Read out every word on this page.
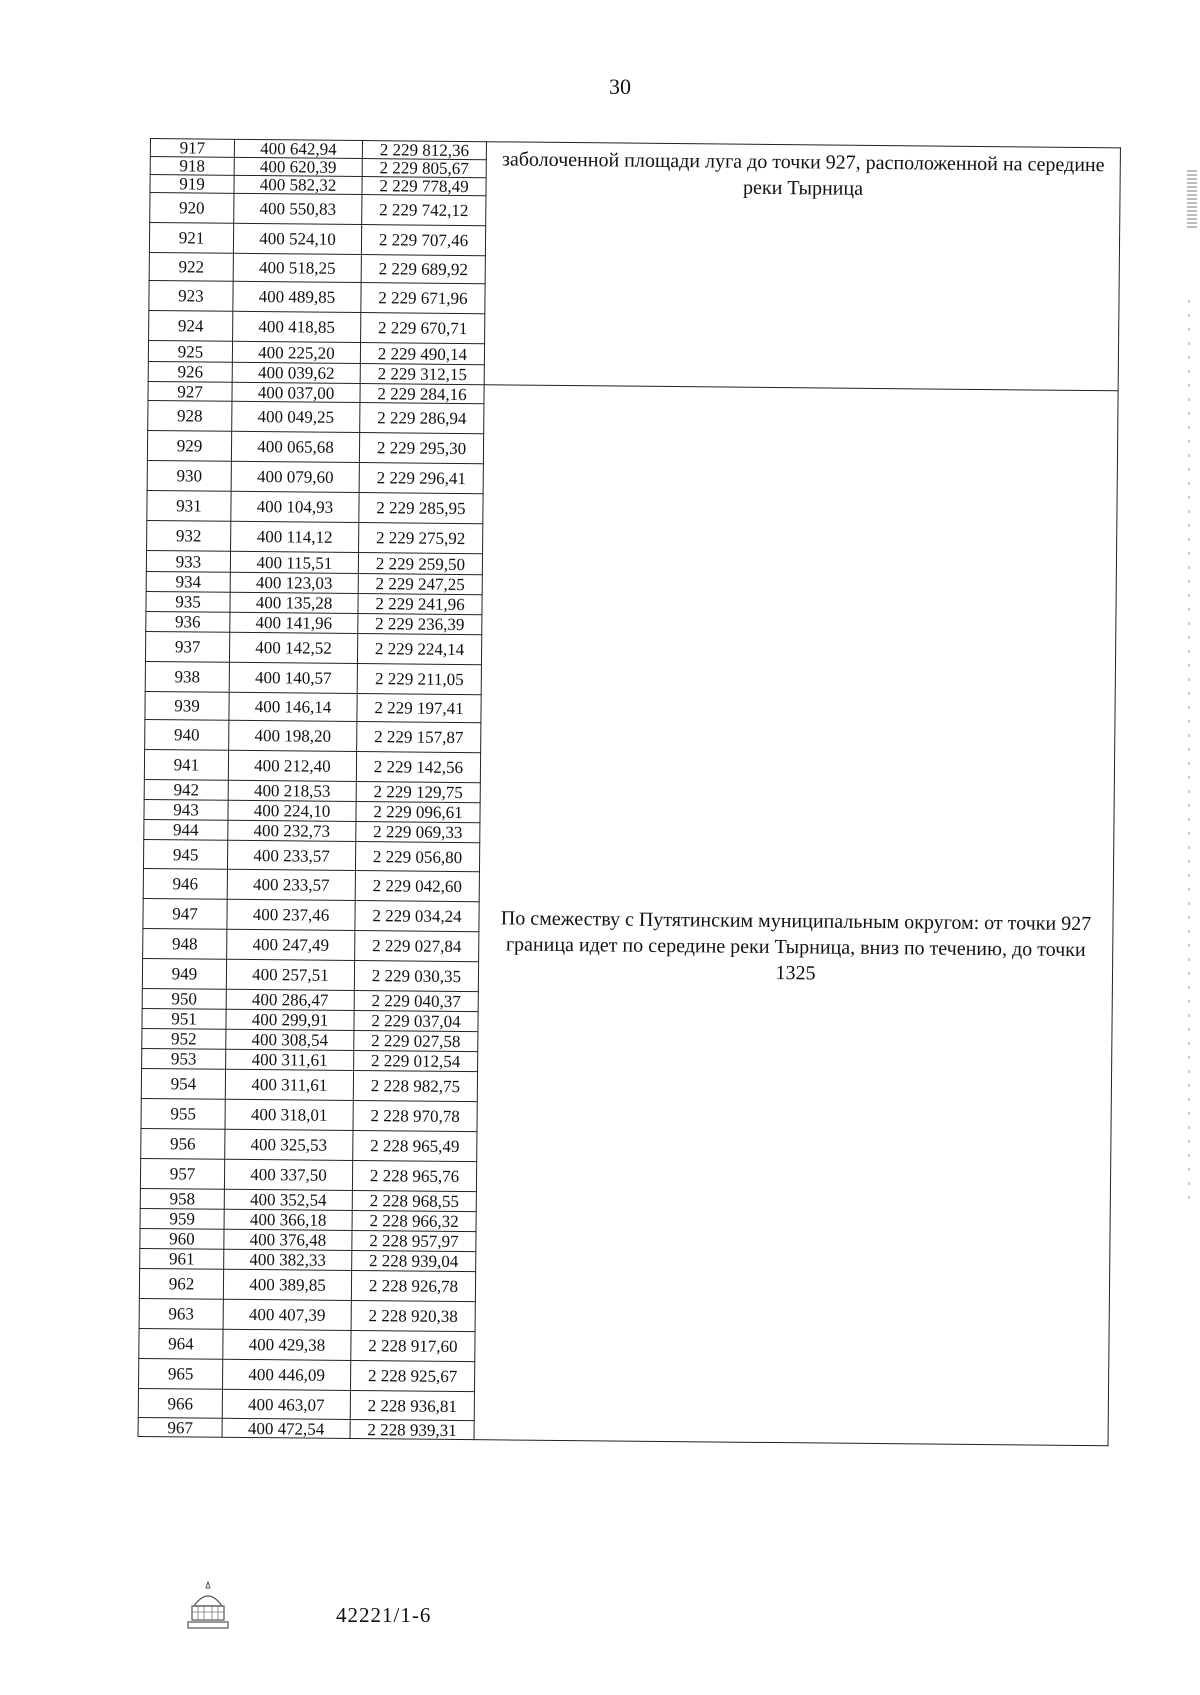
30
917	400 642,94	2 229 812,36	заболоченной площади луга до точки 927, расположенной на середине реки Тырница
918	400 620,39	2 229 805,67	
919	400 582,32	2 229 778,49	
920	400 550,83	2 229 742,12	
921	400 524,10	2 229 707,46	
922	400 518,25	2 229 689,92	
923	400 489,85	2 229 671,96	
924	400 418,85	2 229 670,71	
925	400 225,20	2 229 490,14	
926	400 039,62	2 229 312,15	
927	400 037,00	2 229 284,16	По смежеству с Путятинским муниципальным округом: от точки 927 граница идет по середине реки Тырница, вниз по течению, до точки 1325
928	400 049,25	2 229 286,94	
929	400 065,68	2 229 295,30	
930	400 079,60	2 229 296,41	
931	400 104,93	2 229 285,95	
932	400 114,12	2 229 275,92	
933	400 115,51	2 229 259,50	
934	400 123,03	2 229 247,25	
935	400 135,28	2 229 241,96	
936	400 141,96	2 229 236,39	
937	400 142,52	2 229 224,14	
938	400 140,57	2 229 211,05	
939	400 146,14	2 229 197,41	
940	400 198,20	2 229 157,87	
941	400 212,40	2 229 142,56	
942	400 218,53	2 229 129,75	
943	400 224,10	2 229 096,61	
944	400 232,73	2 229 069,33	
945	400 233,57	2 229 056,80	
946	400 233,57	2 229 042,60	
947	400 237,46	2 229 034,24	
948	400 247,49	2 229 027,84	
949	400 257,51	2 229 030,35	
950	400 286,47	2 229 040,37	
951	400 299,91	2 229 037,04	
952	400 308,54	2 229 027,58	
953	400 311,61	2 229 012,54	
954	400 311,61	2 228 982,75	
955	400 318,01	2 228 970,78	
956	400 325,53	2 228 965,49	
957	400 337,50	2 228 965,76	
958	400 352,54	2 228 968,55	
959	400 366,18	2 228 966,32	
960	400 376,48	2 228 957,97	
961	400 382,33	2 228 939,04	
962	400 389,85	2 228 926,78	
963	400 407,39	2 228 920,38	
964	400 429,38	2 228 917,60	
965	400 446,09	2 228 925,67	
966	400 463,07	2 228 936,81	
967	400 472,54	2 228 939,31	
42221/1-6
